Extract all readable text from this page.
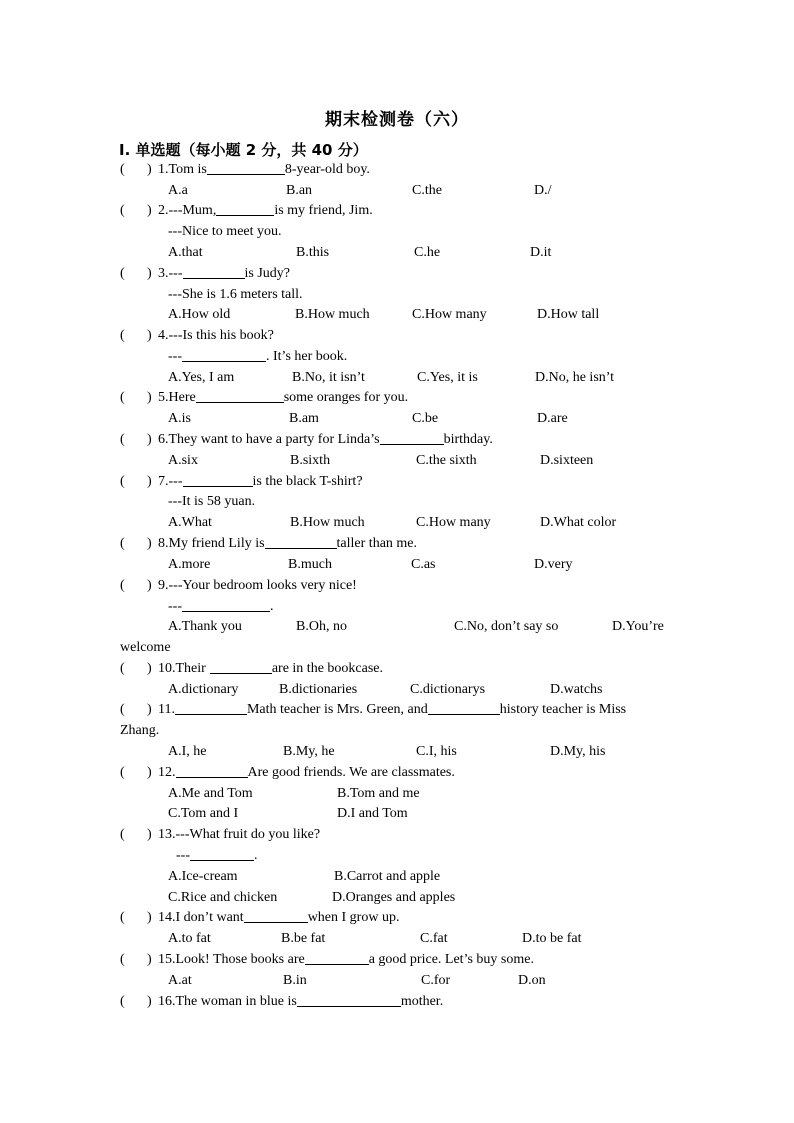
期末检测卷（六）
I. 单选题（每小题 2 分，共 40 分）
( ) 1.Tom is	8-year-old boy.
A.a	B.an	C.the	D./
( ) 2.---Mum,	is my friend, Jim.
---Nice to meet you.
A.that	B.this	C.he	D.it
( ) 3.---	is Judy?
---She is 1.6 meters tall.
A.How old	B.How much	C.How many	D.How tall
( ) 4.---Is this his book?
---	. It’s her book.
A.Yes, I am	B.No, it isn’t	C.Yes, it is	D.No, he isn’t
( ) 5.Here	some oranges for you.
A.is	B.am	C.be	D.are
( ) 6.They want to have a party for Linda’s	birthday.
A.six	B.sixth	C.the sixth	D.sixteen
( ) 7.---	is the black T-shirt?
---It is 58 yuan.
A.What	B.How much	C.How many	D.What color
( ) 8.My friend Lily is	taller than me.
A.more	B.much	C.as	D.very
( ) 9.---Your bedroom looks very nice!
---	.
A.Thank you	B.Oh, no	C.No, don’t say so	D.You’re
welcome
( ) 10.Their	are in the bookcase.
A.dictionary	B.dictionaries	C.dictionarys	D.watchs
( ) 11.	Math teacher is Mrs. Green, and	history teacher is Miss
Zhang.
A.I, he	B.My, he	C.I, his	D.My, his
( ) 12.	Are good friends. We are classmates.
A.Me and Tom	B.Tom and me
C.Tom and I	D.I and Tom
( ) 13.---What fruit do you like?
---	.
A.Ice-cream	B.Carrot and apple
C.Rice and chicken	D.Oranges and apples
( ) 14.I don’t want	when I grow up.
A.to fat	B.be fat	C.fat	D.to be fat
( ) 15.Look! Those books are	a good price. Let’s buy some.
A.at	B.in	C.for	D.on
( ) 16.The woman in blue is	mother.
